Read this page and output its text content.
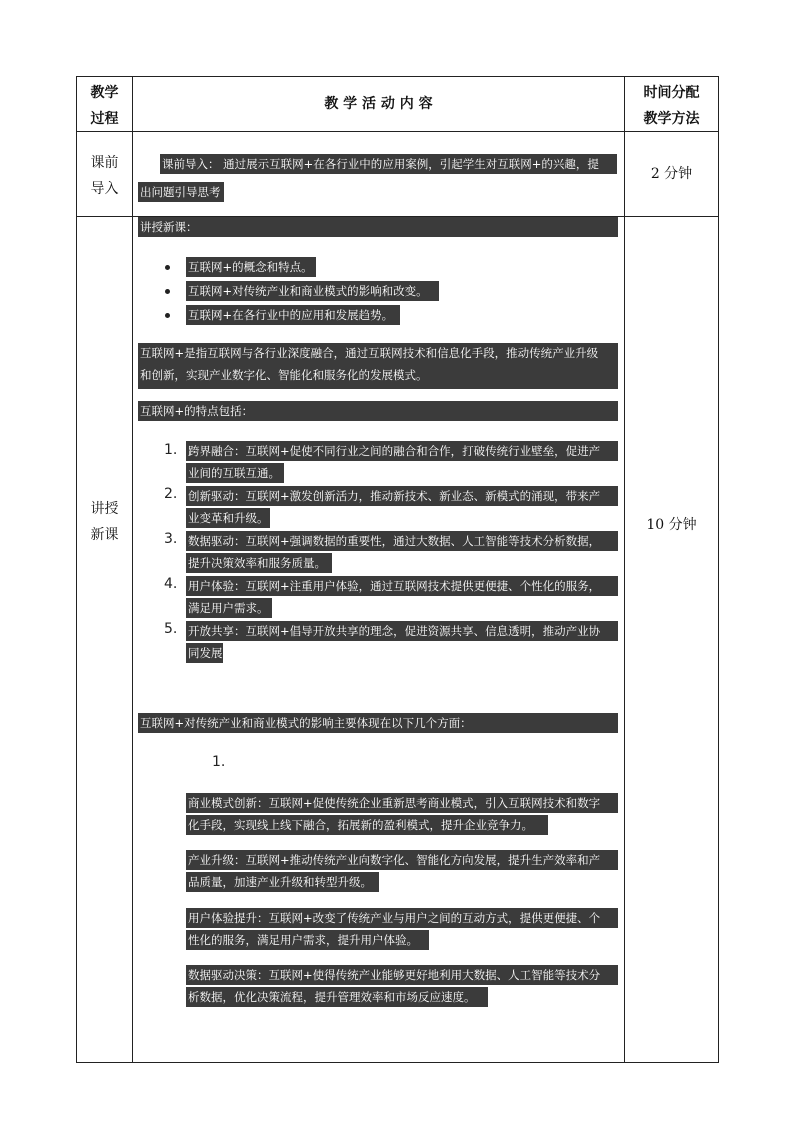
教学
过程
教 学 活 动 内 容
时间分配
教学方法
课前
导入
课前导入： 通过展示互联网+在各行业中的应用案例，引起学生对互联网+的兴趣，提
出问题引导思考
2 分钟
讲授
新课
10 分钟
讲授新课：
互联网+的概念和特点。
互联网+对传统产业和商业模式的影响和改变。
互联网+在各行业中的应用和发展趋势。
互联网+是指互联网与各行业深度融合，通过互联网技术和信息化手段，推动传统产业升级
和创新，实现产业数字化、智能化和服务化的发展模式。
互联网+的特点包括：
1. 跨界融合：互联网+促使不同行业之间的融合和合作，打破传统行业壁垒，促进产
业间的互联互通。
2. 创新驱动：互联网+激发创新活力，推动新技术、新业态、新模式的涌现，带来产
业变革和升级。
3. 数据驱动：互联网+强调数据的重要性，通过大数据、人工智能等技术分析数据，
提升决策效率和服务质量。
4. 用户体验：互联网+注重用户体验，通过互联网技术提供更便捷、个性化的服务，
满足用户需求。
5. 开放共享：互联网+倡导开放共享的理念，促进资源共享、信息透明，推动产业协
同发展
互联网+对传统产业和商业模式的影响主要体现在以下几个方面：
1.
商业模式创新：互联网+促使传统企业重新思考商业模式，引入互联网技术和数字
化手段，实现线上线下融合，拓展新的盈利模式，提升企业竞争力。
产业升级：互联网+推动传统产业向数字化、智能化方向发展，提升生产效率和产
品质量，加速产业升级和转型升级。
用户体验提升：互联网+改变了传统产业与用户之间的互动方式，提供更便捷、个
性化的服务，满足用户需求，提升用户体验。
数据驱动决策：互联网+使得传统产业能够更好地利用大数据、人工智能等技术分
析数据，优化决策流程，提升管理效率和市场反应速度。
